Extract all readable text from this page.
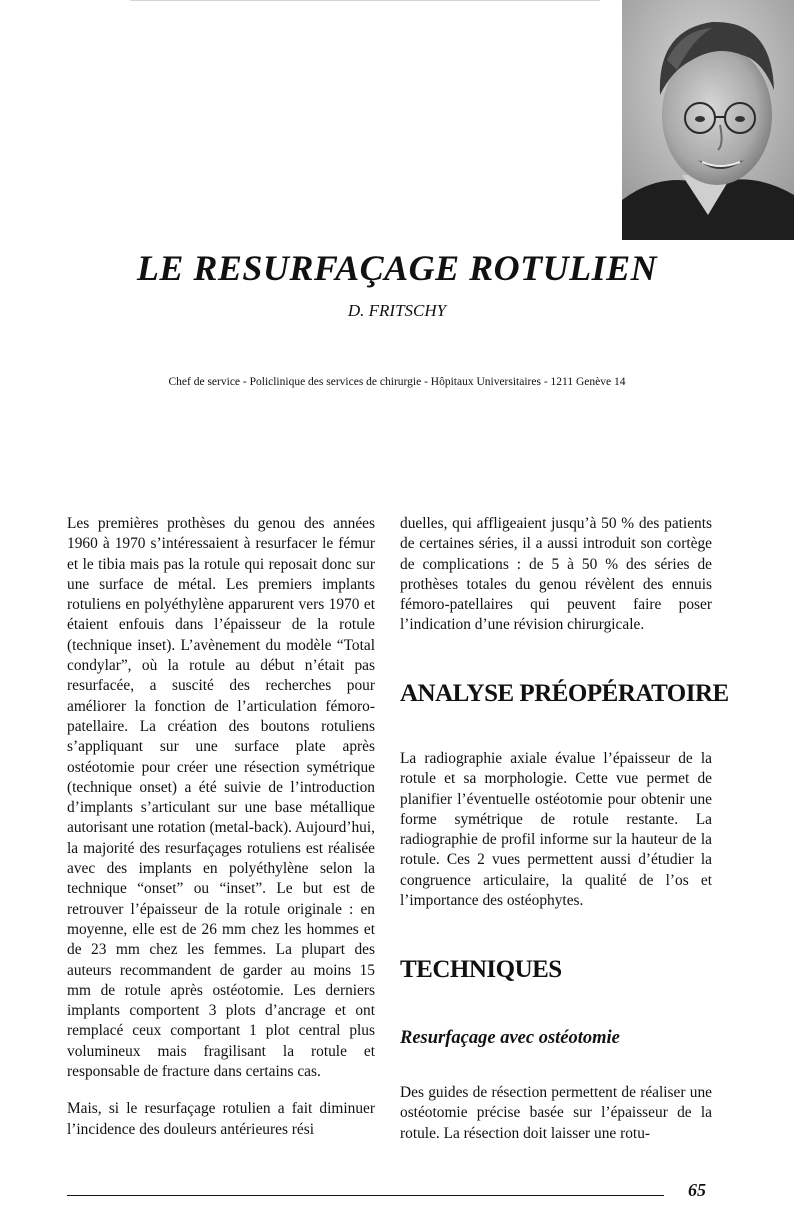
LE RESURFAÇAGE ROTULIEN
D. FRITSCHY
Chef de service - Policlinique des services de chirurgie - Hôpitaux Universitaires - 1211 Genève 14

Les premières prothèses du genou des années 1960 à 1970 s’intéressaient à resurfacer le fémur et le tibia mais pas la rotule qui reposait donc sur une surface de métal. Les premiers implants rotuliens en polyéthylène apparurent vers 1970 et étaient enfouis dans l’épaisseur de la rotule (technique inset). L’avènement du modèle “Total condylar”, où la rotule au début n’était pas resurfacée, a suscité des recherches pour améliorer la fonction de l’articulation fémoro-patellaire. La création des boutons rotuliens s’appliquant sur une surface plate après ostéotomie pour créer une résection symétrique (technique onset) a été suivie de l’introduction d’implants s’articulant sur une base métallique autorisant une rotation (metal-back). Aujourd’hui, la majorité des resurfaçages rotuliens est réalisée avec des implants en polyéthylène selon la technique “onset” ou “inset”. Le but est de retrouver l’épaisseur de la rotule originale : en moyenne, elle est de 26 mm chez les hommes et de 23 mm chez les femmes. La plupart des auteurs recommandent de garder au moins 15 mm de rotule après ostéotomie. Les derniers implants comportent 3 plots d’ancrage et ont remplacé ceux comportant 1 plot central plus volumineux mais fragilisant la rotule et responsable de fracture dans certains cas.

Mais, si le resurfaçage rotulien a fait diminuer l’incidence des douleurs antérieures rési

duelles, qui affligeaient jusqu’à 50 % des patients de certaines séries, il a aussi introduit son cortège de complications : de 5 à 50 % des séries de prothèses totales du genou révèlent des ennuis fémoro-patellaires qui peuvent faire poser l’indication d’une révision chirurgicale.

ANALYSE PRÉOPÉRATOIRE

La radiographie axiale évalue l’épaisseur de la rotule et sa morphologie. Cette vue permet de planifier l’éventuelle ostéotomie pour obtenir une forme symétrique de rotule restante. La radiographie de profil informe sur la hauteur de la rotule. Ces 2 vues permettent aussi d’étudier la congruence articulaire, la qualité de l’os et l’importance des ostéophytes.

TECHNIQUES
Resurfaçage avec ostéotomie

Des guides de résection permettent de réaliser une ostéotomie précise basée sur l’épaisseur de la rotule. La résection doit laisser une rotu-

65
